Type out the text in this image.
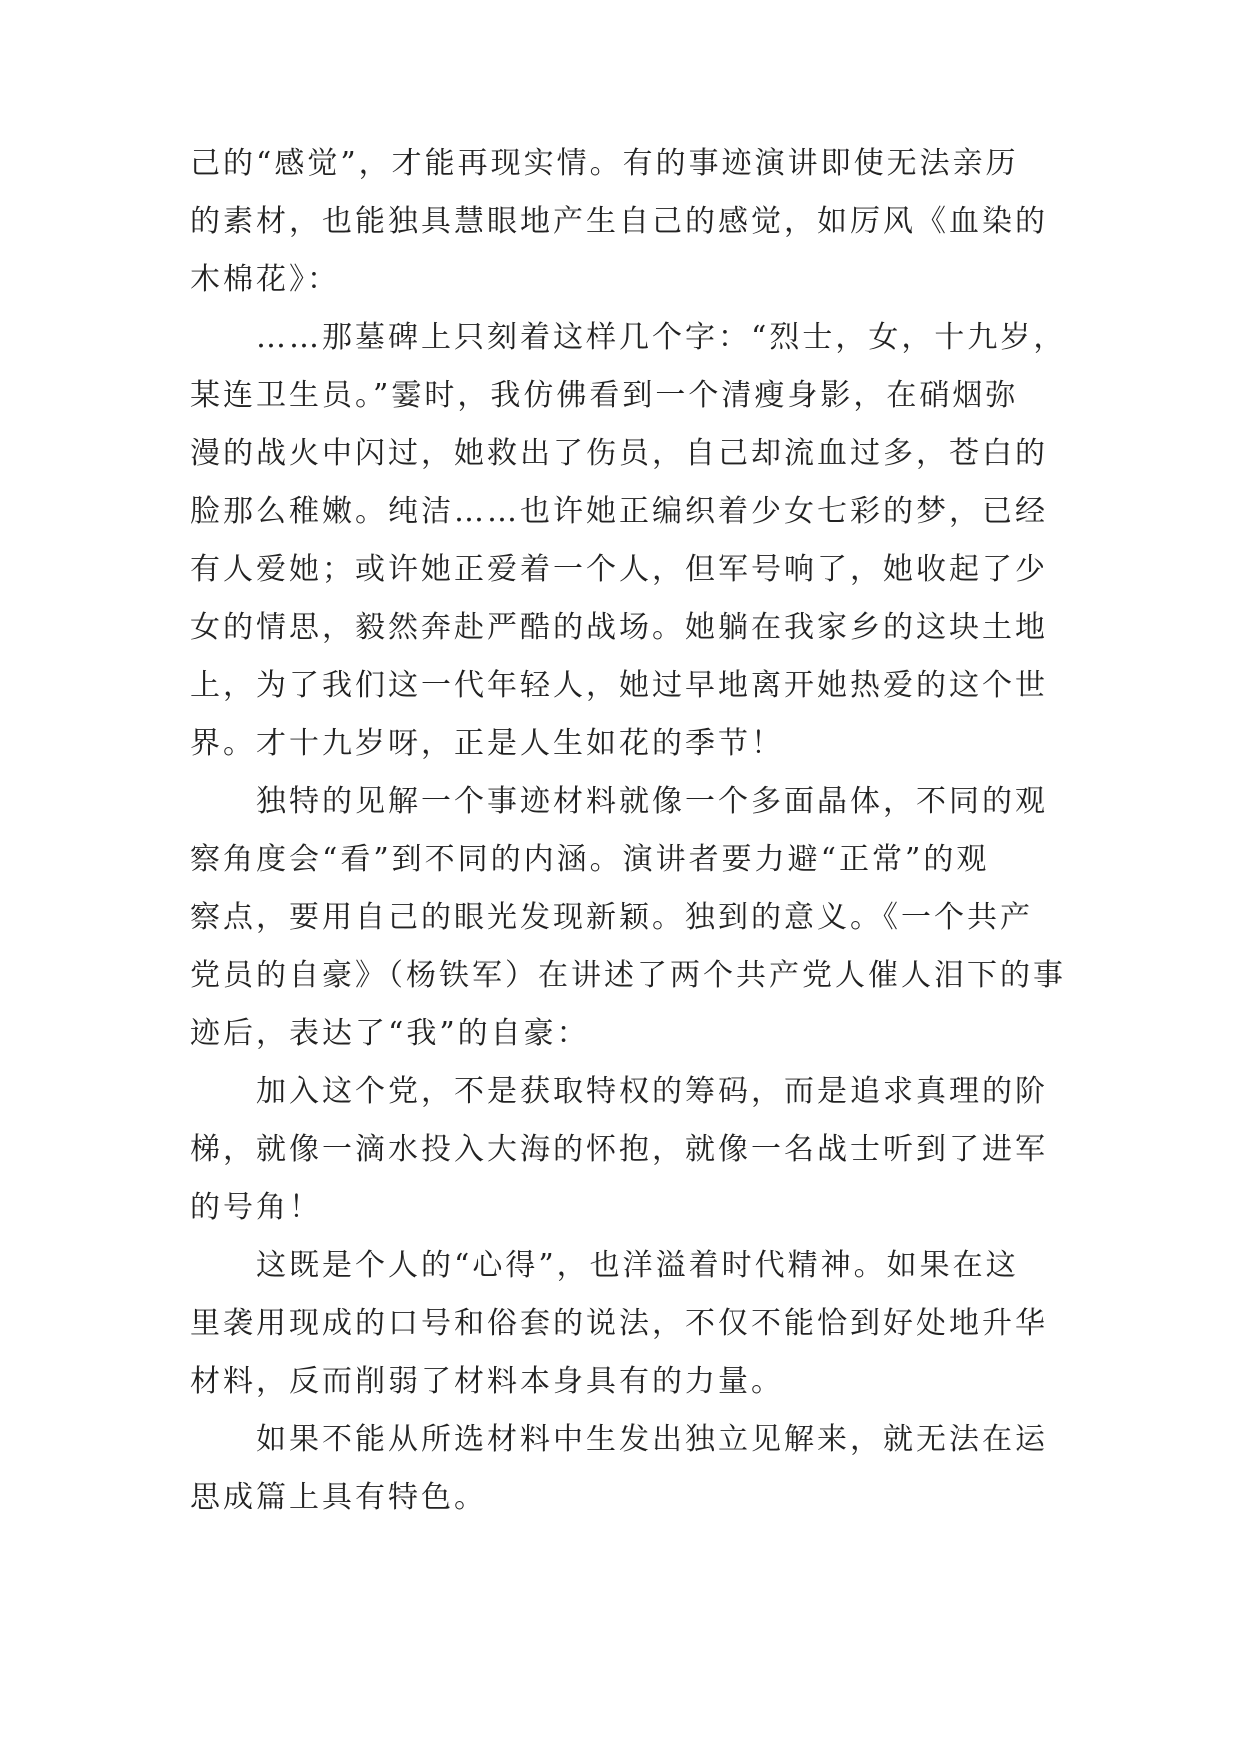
己的“感觉”，才能再现实情。有的事迹演讲即使无法亲历
的素材，也能独具慧眼地产生自己的感觉，如厉风《血染的
木棉花》：
……那墓碑上只刻着这样几个字：“烈士，女，十九岁，
某连卫生员。”霎时，我仿佛看到一个清瘦身影，在硝烟弥
漫的战火中闪过，她救出了伤员，自己却流血过多，苍白的
脸那么稚嫩。纯洁……也许她正编织着少女七彩的梦，已经
有人爱她；或许她正爱着一个人，但军号响了，她收起了少
女的情思，毅然奔赴严酷的战场。她躺在我家乡的这块土地
上，为了我们这一代年轻人，她过早地离开她热爱的这个世
界。才十九岁呀，正是人生如花的季节！
独特的见解一个事迹材料就像一个多面晶体，不同的观
察角度会“看”到不同的内涵。演讲者要力避“正常”的观
察点，要用自己的眼光发现新颖。独到的意义。《一个共产
党员的自豪》（杨铁军）在讲述了两个共产党人催人泪下的事
迹后，表达了“我”的自豪：
加入这个党，不是获取特权的筹码，而是追求真理的阶
梯，就像一滴水投入大海的怀抱，就像一名战士听到了进军
的号角！
这既是个人的“心得”，也洋溢着时代精神。如果在这
里袭用现成的口号和俗套的说法，不仅不能恰到好处地升华
材料，反而削弱了材料本身具有的力量。
如果不能从所选材料中生发出独立见解来，就无法在运
思成篇上具有特色。
